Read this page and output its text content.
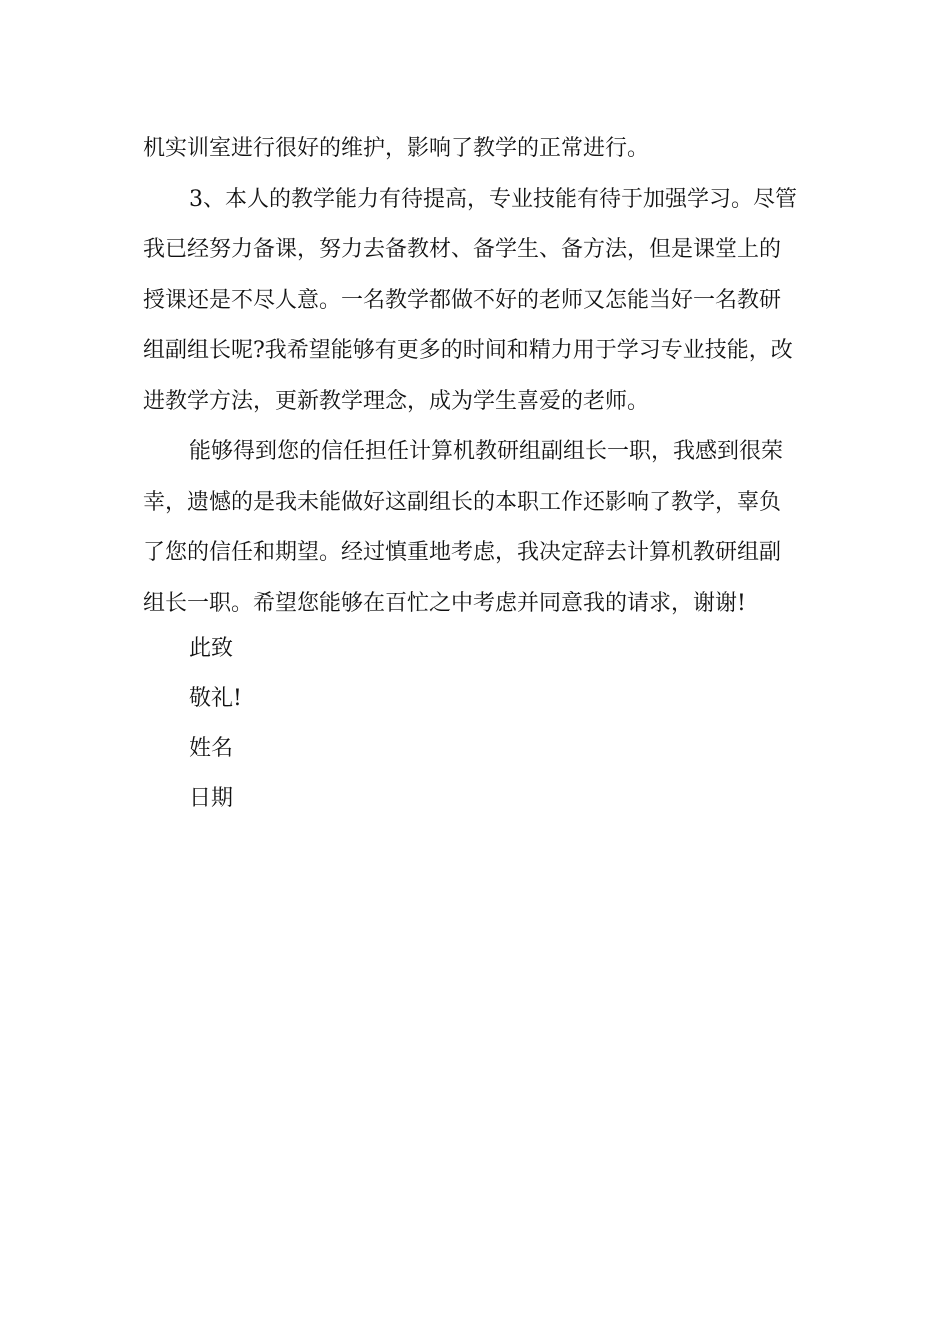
机实训室进行很好的维护，影响了教学的正常进行。
3、本人的教学能力有待提高，专业技能有待于加强学习。尽管
我已经努力备课，努力去备教材、备学生、备方法，但是课堂上的
授课还是不尽人意。一名教学都做不好的老师又怎能当好一名教研
组副组长呢?我希望能够有更多的时间和精力用于学习专业技能，改
进教学方法，更新教学理念，成为学生喜爱的老师。
能够得到您的信任担任计算机教研组副组长一职，我感到很荣
幸，遗憾的是我未能做好这副组长的本职工作还影响了教学，辜负
了您的信任和期望。经过慎重地考虑，我决定辞去计算机教研组副
组长一职。希望您能够在百忙之中考虑并同意我的请求，谢谢!
此致
敬礼!
姓名
日期
